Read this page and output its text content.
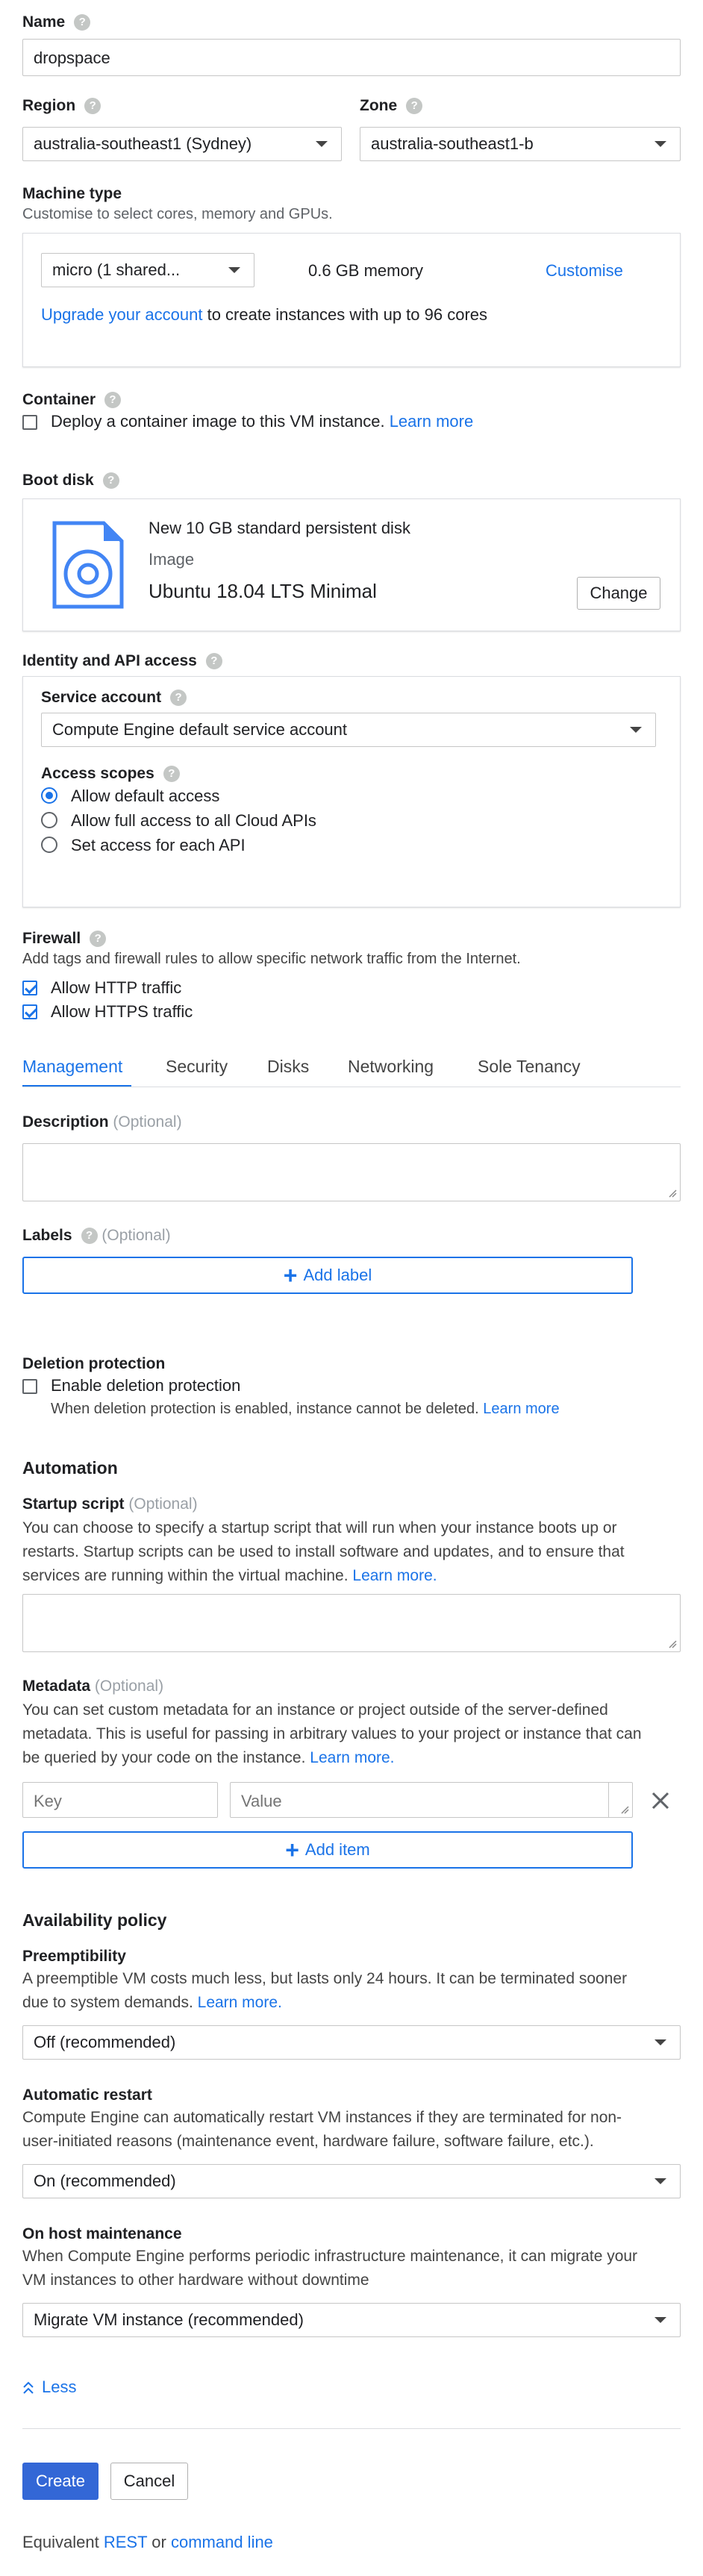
Name ?
dropspace
Region ?
australia-southeast1 (Sydney)
Zone ?
australia-southeast1-b
Machine type
Customise to select cores, memory and GPUs.
micro (1 shared...	0.6 GB memory	Customise
Upgrade your account to create instances with up to 96 cores
Container ?
Deploy a container image to this VM instance. Learn more
Boot disk ?
New 10 GB standard persistent disk
Image
Ubuntu 18.04 LTS Minimal	Change
Identity and API access ?
Service account ?
Compute Engine default service account
Access scopes ?
Allow default access
Allow full access to all Cloud APIs
Set access for each API
Firewall ?
Add tags and firewall rules to allow specific network traffic from the Internet.
Allow HTTP traffic
Allow HTTPS traffic
Management	Security Disks Networking	Sole Tenancy
Description (Optional)
Labels ? (Optional)
+ Add label
Deletion protection
Enable deletion protection
When deletion protection is enabled, instance cannot be deleted. Learn more
Automation
Startup script (Optional)
You can choose to specify a startup script that will run when your instance boots up or
restarts. Startup scripts can be used to install software and updates, and to ensure that
services are running within the virtual machine. Learn more.
Metadata (Optional)
You can set custom metadata for an instance or project outside of the server-defined
metadata. This is useful for passing in arbitrary values to your project or instance that can
be queried by your code on the instance. Learn more.
Key	Value
+ Add item
Availability policy
Preemptibility
A preemptible VM costs much less, but lasts only 24 hours. It can be terminated sooner
due to system demands. Learn more.
Off (recommended)
Automatic restart
Compute Engine can automatically restart VM instances if they are terminated for non-
user-initiated reasons (maintenance event, hardware failure, software failure, etc.).
On (recommended)
On host maintenance
When Compute Engine performs periodic infrastructure maintenance, it can migrate your
VM instances to other hardware without downtime
Migrate VM instance (recommended)
Less
Create	Cancel
Equivalent REST or command line
